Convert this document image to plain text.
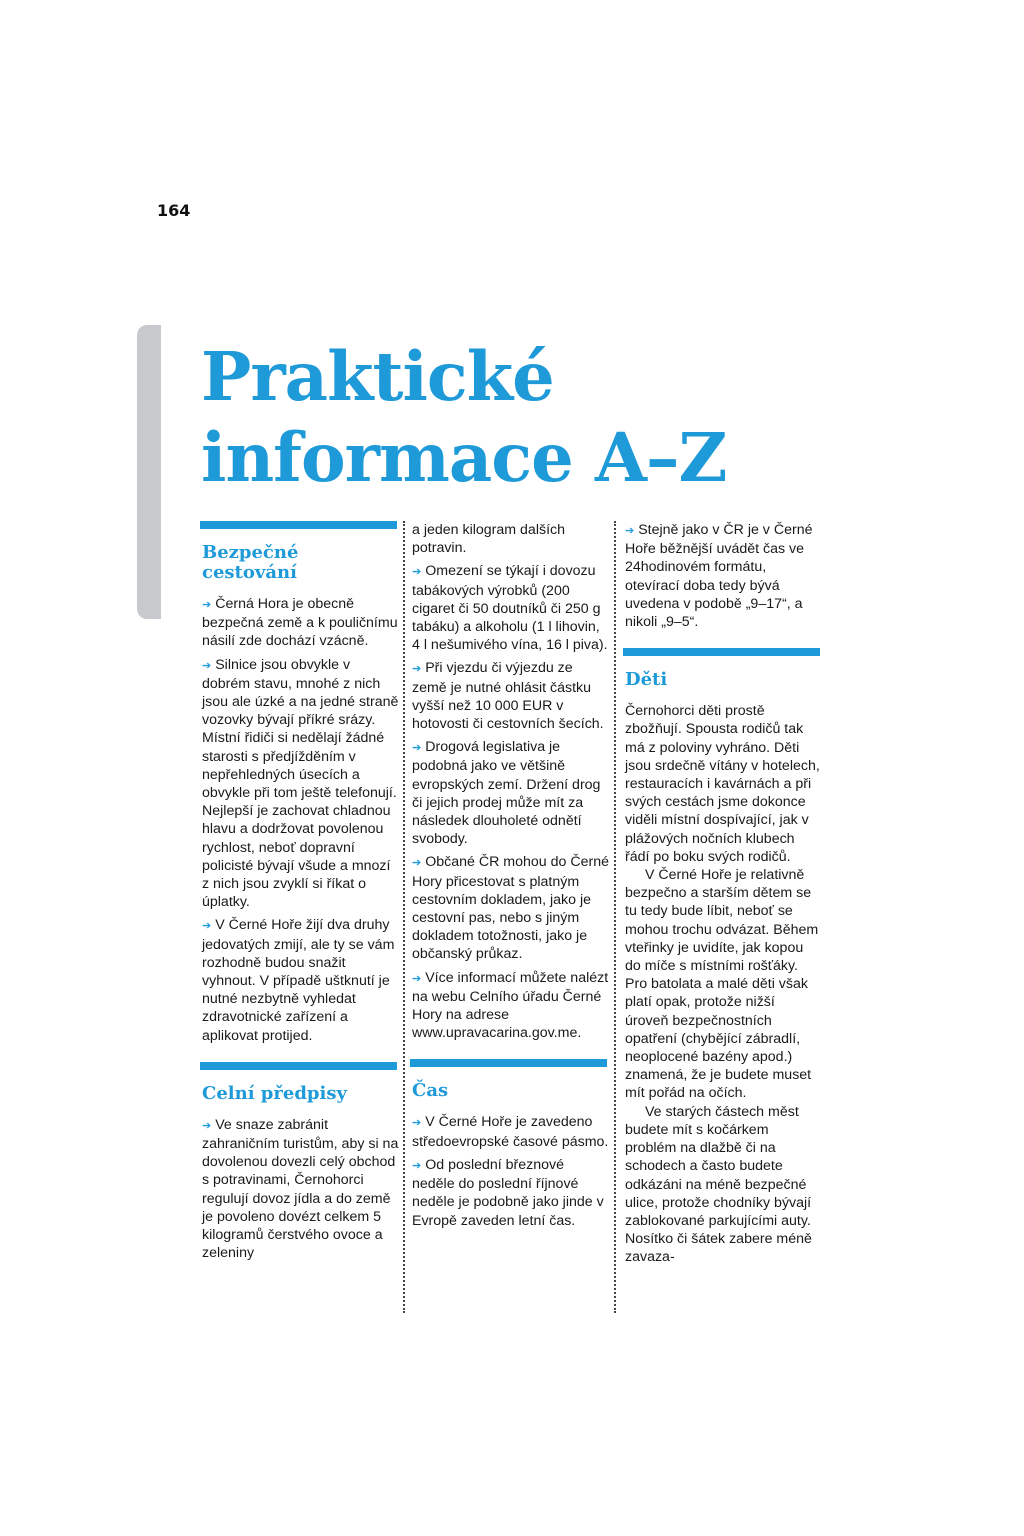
164
Praktické
informace A–Z
Bezpečné
cestování

➔ Černá Hora je obecně bezpečná země a k pouličnímu násilí zde dochází vzácně.

➔ Silnice jsou obvykle v dobrém stavu, mnohé z nich jsou ale úzké a na jedné straně vozovky bývají příkré srázy. Místní řidiči si nedělají žádné starosti s předjížděním v nepřehledných úsecích a obvykle při tom ještě telefonují. Nejlepší je zachovat chladnou hlavu a dodržovat povolenou rychlost, neboť dopravní policisté bývají všude a mnozí z nich jsou zvyklí si říkat o úplatky.

➔ V Černé Hoře žijí dva druhy jedovatých zmijí, ale ty se vám rozhodně budou snažit vyhnout. V případě uštknutí je nutné nezbytně vyhledat zdravotnické zařízení a aplikovat protijed.

Celní předpisy

➔ Ve snaze zabránit zahraničním turistům, aby si na dovolenou dovezli celý obchod s potravinami, Černohorci regulují dovoz jídla a do země je povoleno dovézt celkem 5 kilogramů čerstvého ovoce a zeleniny

a jeden kilogram dalších potravin.

➔ Omezení se týkají i dovozu tabákových výrobků (200 cigaret či 50 doutníků či 250 g tabáku) a alkoholu (1 l lihovin, 4 l nešumivého vína, 16 l piva).

➔ Při vjezdu či výjezdu ze země je nutné ohlásit částku vyšší než 10 000 EUR v hotovosti či cestovních šecích.

➔ Drogová legislativa je podobná jako ve většině evropských zemí. Držení drog či jejich prodej může mít za následek dlouholeté odnětí svobody.

➔ Občané ČR mohou do Černé Hory přicestovat s platným cestovním dokladem, jako je cestovní pas, nebo s jiným dokladem totožnosti, jako je občanský průkaz.

➔ Více informací můžete nalézt na webu Celního úřadu Černé Hory na adrese www.upravacarina.gov.me.

Čas

➔ V Černé Hoře je zavedeno středoevropské časové pásmo.

➔ Od poslední březnové neděle do poslední říjnové neděle je podobně jako jinde v Evropě zaveden letní čas.

➔ Stejně jako v ČR je v Černé Hoře běžnější uvádět čas ve 24hodinovém formátu, otevírací doba tedy bývá uvedena v podobě „9–17“, a nikoli „9–5“.

Děti

Černohorci děti prostě zbožňují. Spousta rodičů tak má z poloviny vyhráno. Děti jsou srdečně vítány v hotelech, restauracích i kavárnách a při svých cestách jsme dokonce viděli místní dospívající, jak v plážových nočních klubech řádí po boku svých rodičů.

V Černé Hoře je relativně bezpečno a starším dětem se tu tedy bude líbit, neboť se mohou trochu odvázat. Během vteřinky je uvidíte, jak kopou do míče s místními rošťáky. Pro batolata a malé děti však platí opak, protože nižší úroveň bezpečnostních opatření (chybějící zábradlí, neoplocené bazény apod.) znamená, že je budete muset mít pořád na očích.

Ve starých částech měst budete mít s kočárkem problém na dlažbě či na schodech a často budete odkázáni na méně bezpečné ulice, protože chodníky bývají zablokované parkujícími auty. Nosítko či šátek zabere méně zavaza-
